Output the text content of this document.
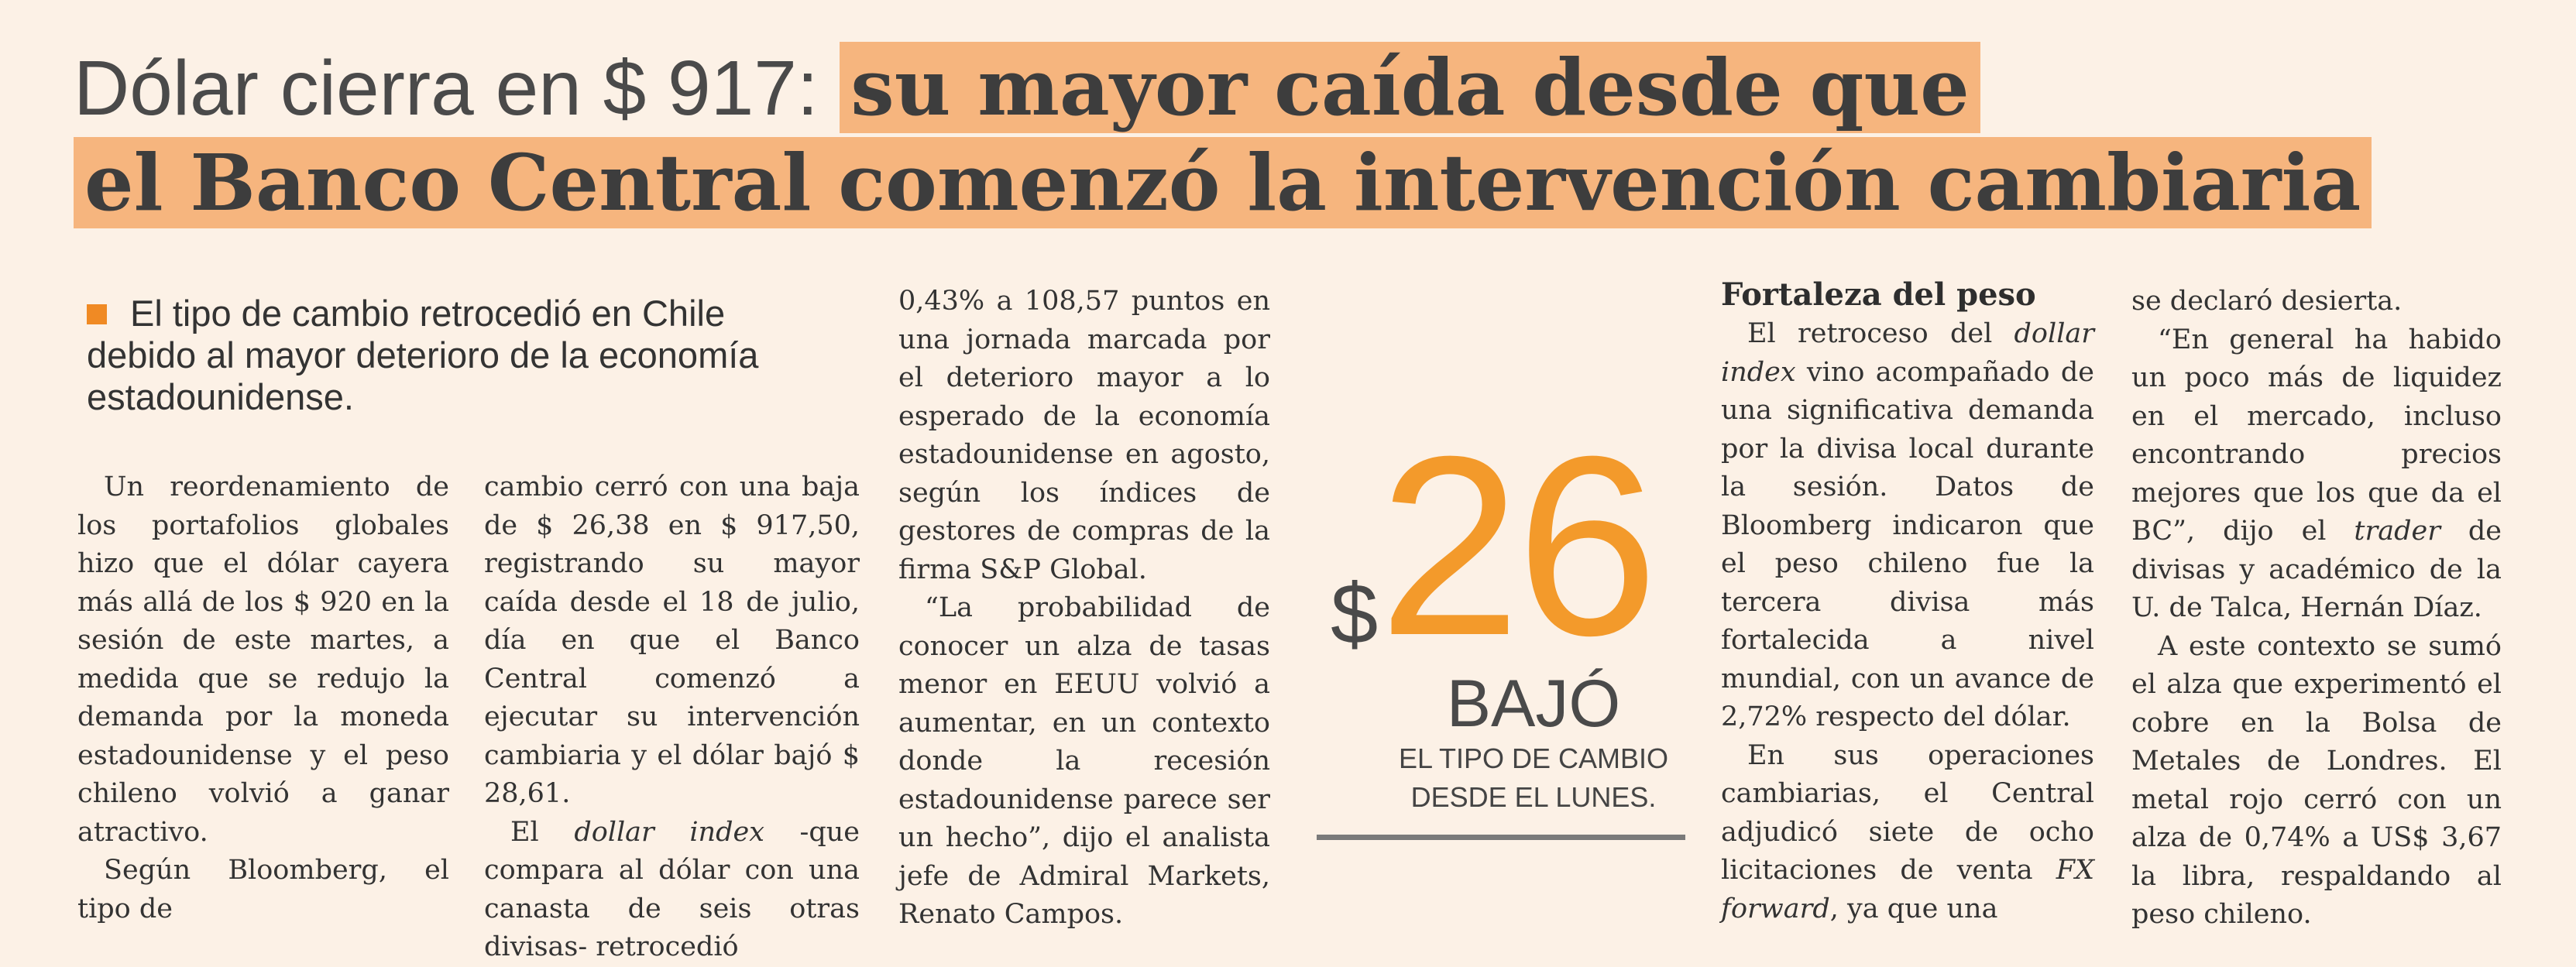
Dólar cierra en $ 917: su mayor caída desde que
el Banco Central comenzó la intervención cambiaria
El tipo de cambio retrocedió en Chile debido al mayor deterioro de la economía estadounidense.

Un reordenamiento de los portafolios globales hizo que el dólar cayera más allá de los $ 920 en la sesión de este martes, a medida que se redujo la demanda por la moneda estadounidense y el peso chileno volvió a ganar atractivo.

Según Bloomberg, el tipo de

cambio cerró con una baja de $ 26,38 en $ 917,50, registrando su mayor caída desde el 18 de julio, día en que el Banco Central comenzó a ejecutar su intervención cambiaria y el dólar bajó $ 28,61.

El dollar index -que compara al dólar con una canasta de seis otras divisas- retrocedió

0,43% a 108,57 puntos en una jornada marcada por el deterioro mayor a lo esperado de la economía estadounidense en agosto, según los índices de gestores de compras de la firma S&P Global.

“La probabilidad de conocer un alza de tasas menor en EEUU volvió a aumentar, en un contexto donde la recesión estadounidense parece ser un hecho”, dijo el analista jefe de Admiral Markets, Renato Campos.

$ 26
BAJÓ
EL TIPO DE CAMBIO
DESDE EL LUNES.

Fortaleza del peso

El retroceso del dollar index vino acompañado de una significativa demanda por la divisa local durante la sesión. Datos de Bloomberg indicaron que el peso chileno fue la tercera divisa más fortalecida a nivel mundial, con un avance de 2,72% respecto del dólar.

En sus operaciones cambiarias, el Central adjudicó siete de ocho licitaciones de venta FX forward, ya que una

se declaró desierta.

“En general ha habido un poco más de liquidez en el mercado, incluso encontrando precios mejores que los que da el BC”, dijo el trader de divisas y académico de la U. de Talca, Hernán Díaz.

A este contexto se sumó el alza que experimentó el cobre en la Bolsa de Metales de Londres. El metal rojo cerró con un alza de 0,74% a US$ 3,67 la libra, respaldando al peso chileno.
